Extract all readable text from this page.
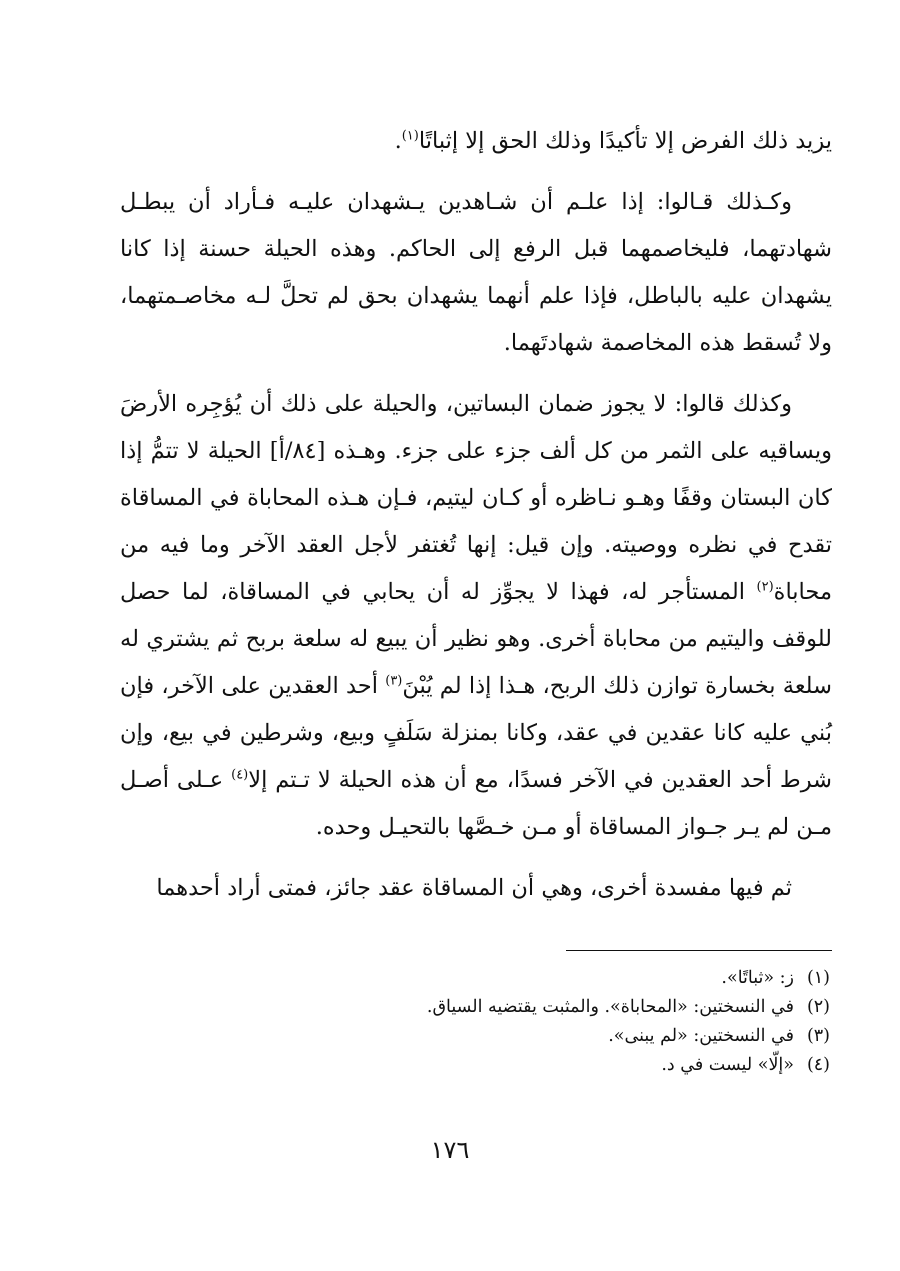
يزيد ذلك الفرض إلا تأكيدًا وذلك الحق إلا إثباتًا$^{(١)}$.

وكـذلك قـالوا: إذا علـم أن شـاهدين يـشهدان عليـه فـأراد أن يبطـل شهادتهما، فليخاصمهما قبل الرفع إلى الحاكم. وهذه الحيلة حسنة إذا كانا يشهدان عليه بالباطل، فإذا علم أنهما يشهدان بحق لم تحلَّ لـه مخاصـمتهما، ولا تُسقط هذه المخاصمة شهادتَهما.

وكذلك قالوا: لا يجوز ضمان البساتين، والحيلة على ذلك أن يُؤجِره الأرضَ ويساقيه على الثمر من كل ألف جزء على جزء. وهـذه [٨٤/أ] الحيلة لا تتمُّ إذا كان البستان وقفًا وهـو نـاظره أو كـان ليتيم، فـإن هـذه المحاباة في المساقاة تقدح في نظره ووصيته. وإن قيل: إنها تُغتفر لأجل العقد الآخر وما فيه من محاباة$^{(٢)}$ المستأجر له، فهذا لا يجوِّز له أن يحابي في المساقاة، لما حصل للوقف واليتيم من محاباة أخرى. وهو نظير أن يبيع له سلعة بربح ثم يشتري له سلعة بخسارة توازن ذلك الربح، هـذا إذا لم يُبْنَ$^{(٣)}$ أحد العقدين على الآخر، فإن بُني عليه كانا عقدين في عقد، وكانا بمنزلة سَلَفٍ وبيع، وشرطين في بيع، وإن شرط أحد العقدين في الآخر فسدًا، مع أن هذه الحيلة لا تـتم إلا$^{(٤)}$ عـلى أصـل مـن لم يـر جـواز المساقاة أو مـن خـصَّها بالتحيـل وحده.

ثم فيها مفسدة أخرى، وهي أن المساقاة عقد جائز، فمتى أراد أحدهما

(١)
ز: «ثباتًا».
(٢)
في النسختين: «المحاباة». والمثبت يقتضيه السياق.
(٣)
في النسختين: «لم يبنى».
(٤)
«إلّا» ليست في د.
١٧٦
